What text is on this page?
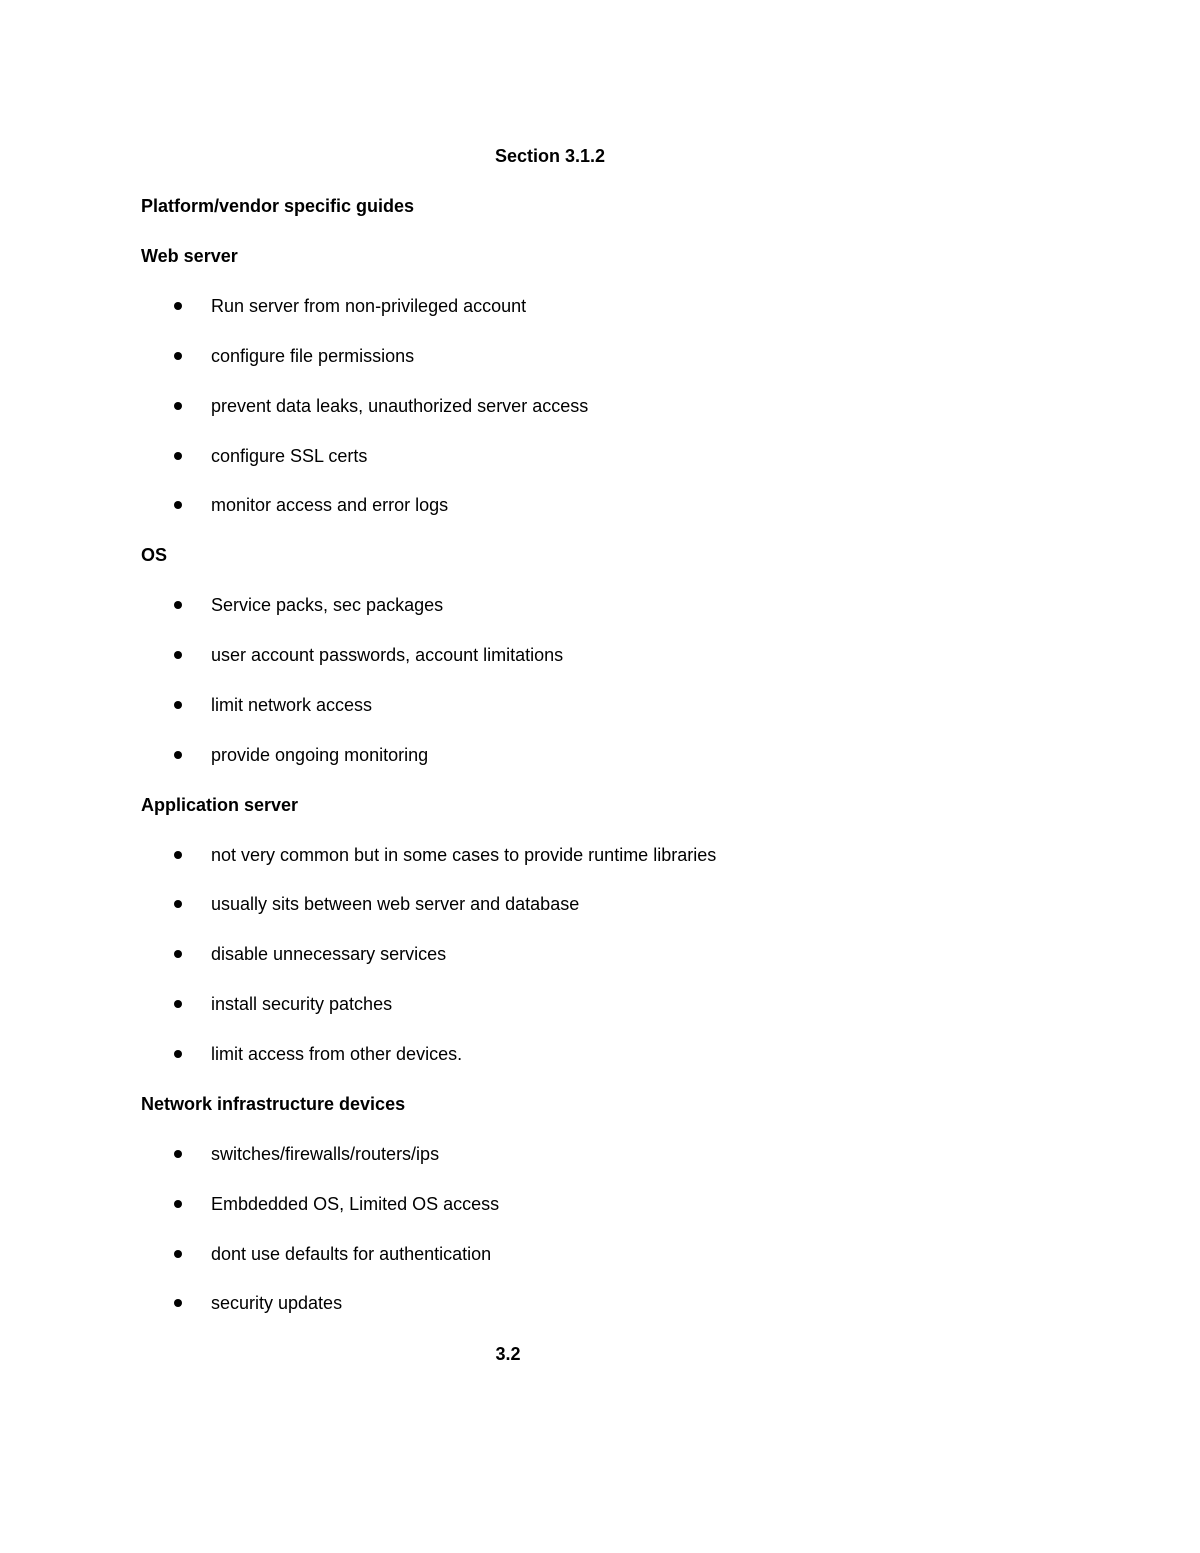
Section 3.1.2
Platform/vendor specific guides
Web server
Run server from non-privileged account
configure file permissions
prevent data leaks, unauthorized server access
configure SSL certs
monitor access and error logs
OS
Service packs, sec packages
user account passwords, account limitations
limit network access
provide ongoing monitoring
Application server
not very common but in some cases to provide runtime libraries
usually sits between web server and database
disable unnecessary services
install security patches
limit access from other devices.
Network infrastructure devices
switches/firewalls/routers/ips
Embdedded OS, Limited OS access
dont use defaults for authentication
security updates
3.2
